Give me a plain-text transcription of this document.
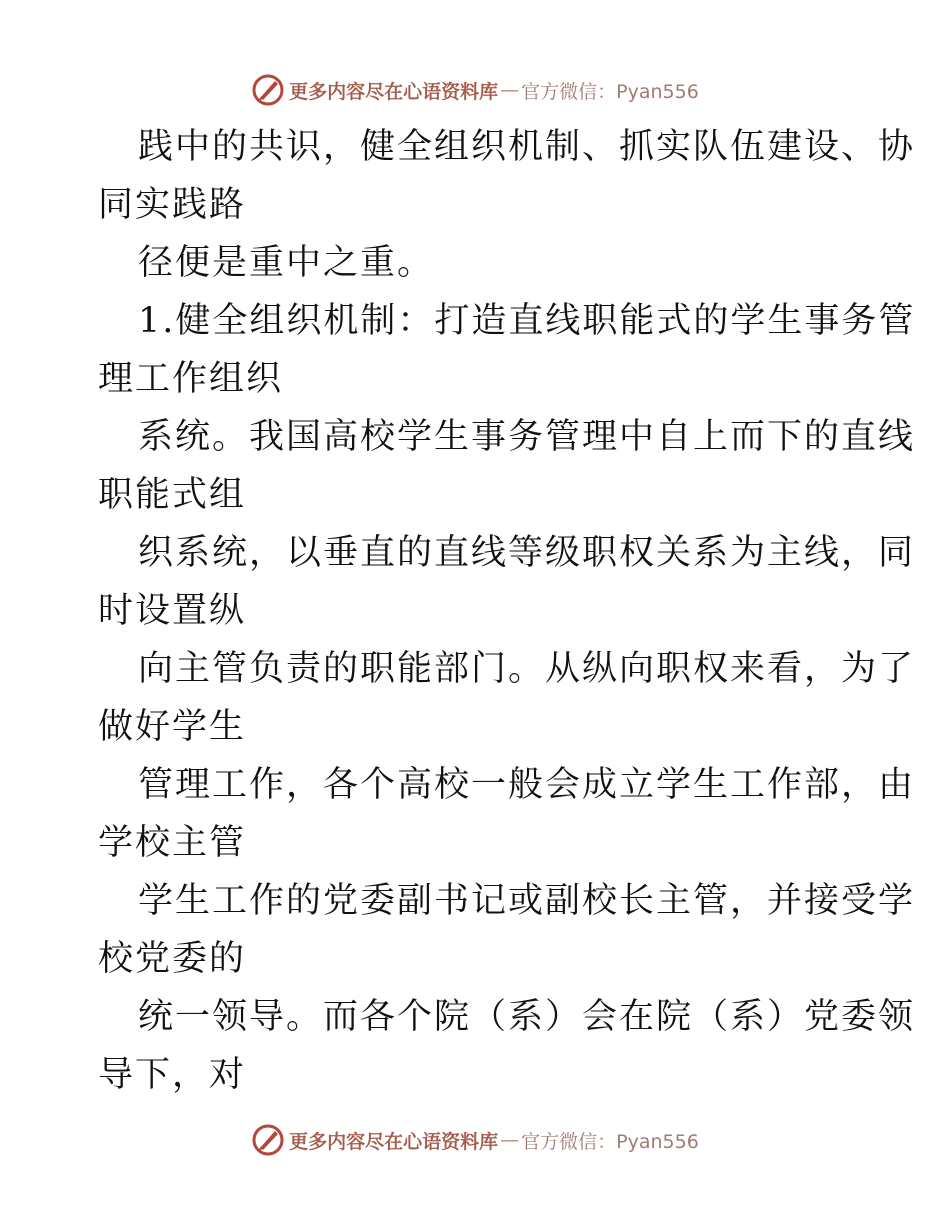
更多内容尽在心语资料库 — 官方微信：Pyan556
践中的共识，健全组织机制、抓实队伍建设、协
同实践路
径便是重中之重。
1.健全组织机制：打造直线职能式的学生事务管
理工作组织
系统。我国高校学生事务管理中自上而下的直线
职能式组
织系统，以垂直的直线等级职权关系为主线，同
时设置纵
向主管负责的职能部门。从纵向职权来看，为了
做好学生
管理工作，各个高校一般会成立学生工作部，由
学校主管
学生工作的党委副书记或副校长主管，并接受学
校党委的
统一领导。而各个院（系）会在院（系）党委领
导下，对
更多内容尽在心语资料库 — 官方微信：Pyan556
